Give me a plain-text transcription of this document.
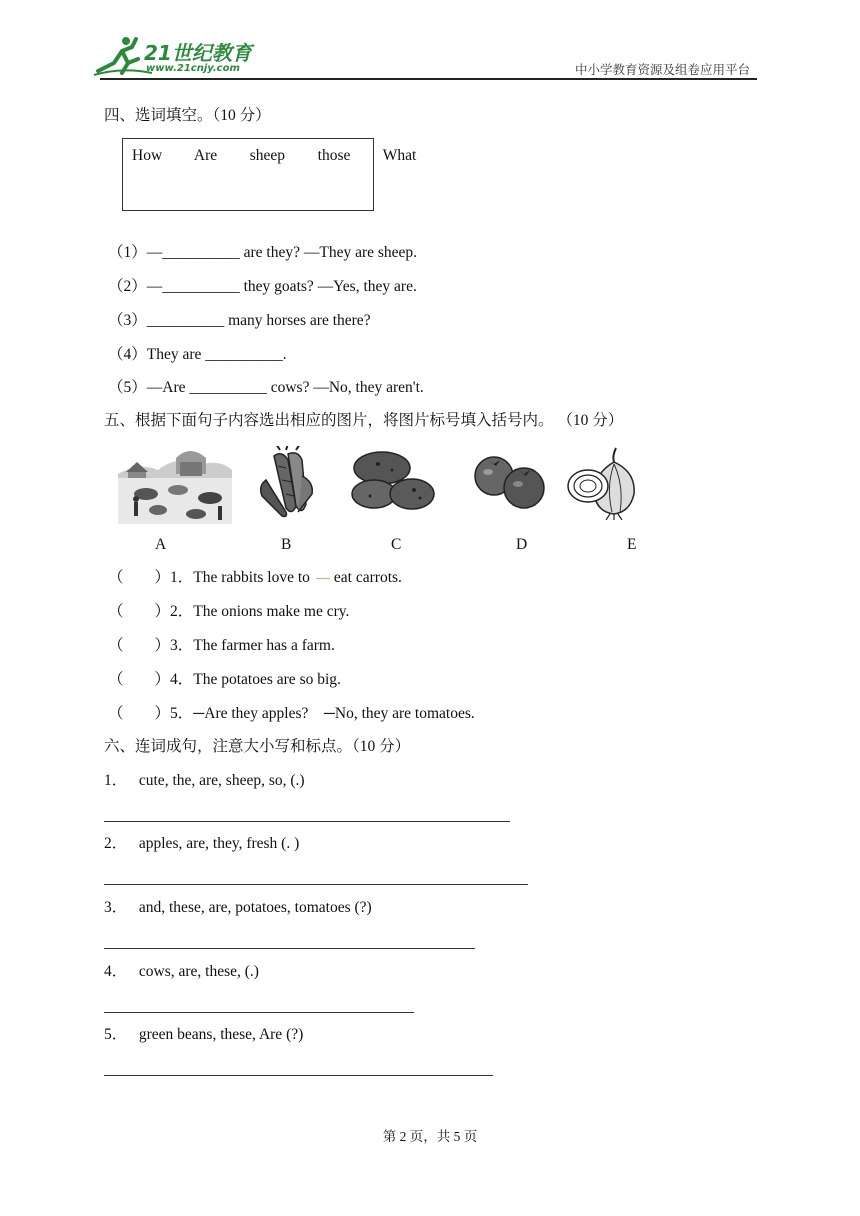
21世纪教育
www.21cnjy.com	中小学教育资源及组卷应用平台
四、选词填空。（10 分）
How   Are   sheep   those   What
（1）—__________ are they? —They are sheep.
（2）—__________ they goats? —Yes, they are.
（3）__________ many horses are there?
（4）They are __________.
（5）—Are __________ cows? —No, they aren't.
五、根据下面句子内容选出相应的图片，将图片标号填入括号内。 （10 分）
A	B	C	D	E
（        ）1．The rabbits love to eat carrots.
（        ）2．The onions make me cry.
（        ）3．The farmer has a farm.
（        ）4．The potatoes are so big.
（        ）5．─Are they apples?    ─No, they are tomatoes.
六、连词成句，注意大小写和标点。（10 分）
1．   cute, the, are, sheep, so, (.)
2．   apples, are, they, fresh (. )
3．   and, these, are, potatoes, tomatoes (?)
4．   cows, are, these, (.)
5．   green beans, these, Are (?)
第 2 页，共 5 页
